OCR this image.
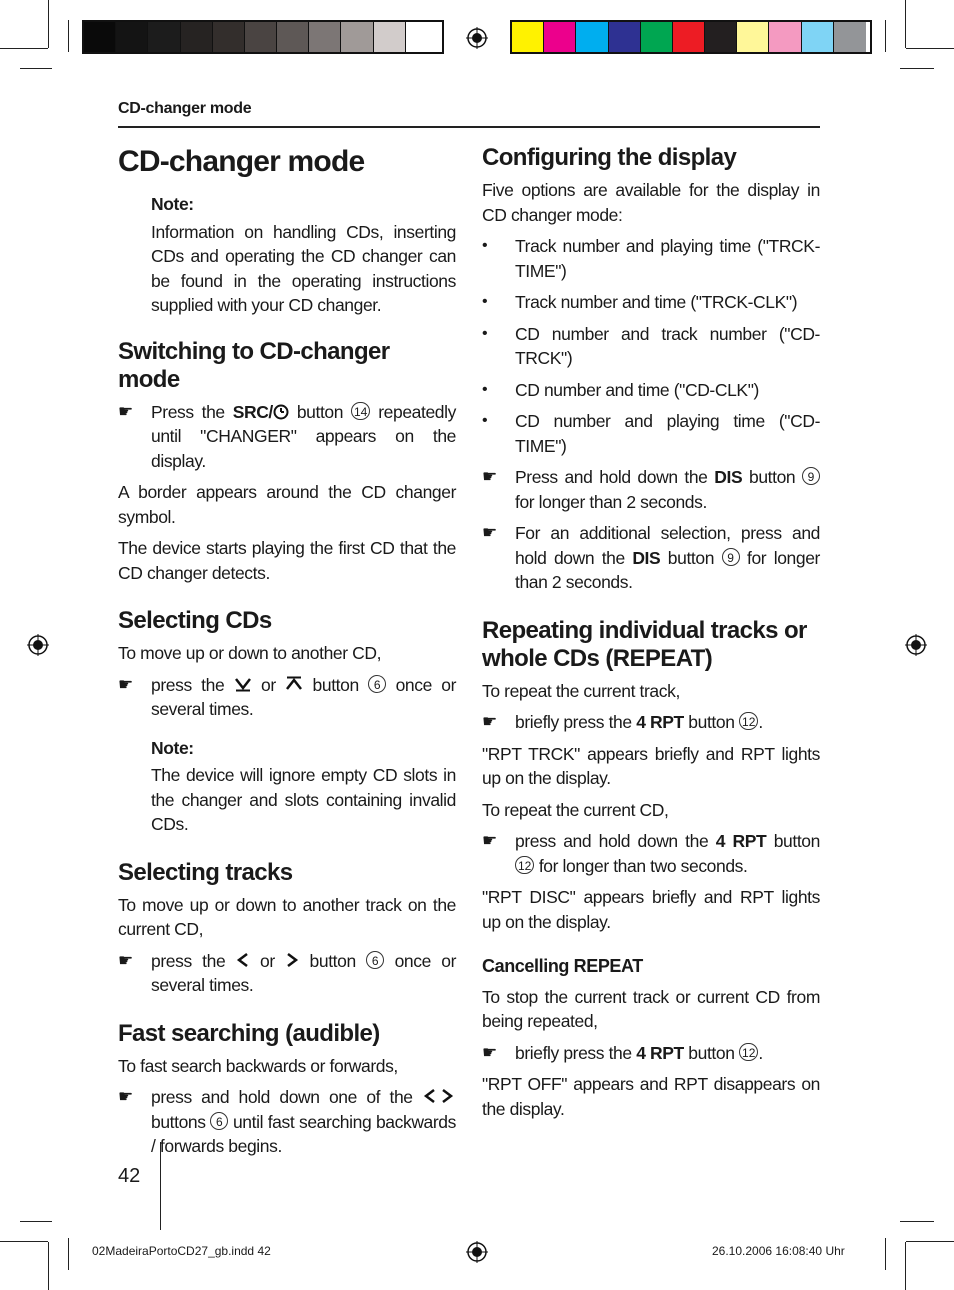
CD-changer mode
CD-changer mode

Note:

Information on handling CDs, inserting CDs and operating the CD changer can be found in the operating instructions supplied with your CD changer.

Switching to CD-changer mode
☛	Press the SRC/ button 14 repeatedly until "CHANGER" appears on the display.

A border appears around the CD changer symbol.

The device starts playing the first CD that the CD changer detects.

Selecting CDs

To move up or down to another CD,

☛	press the or button 6 once or several times.

Note:

The device will ignore empty CD slots in the changer and slots containing invalid CDs.

Selecting tracks

To move up or down to another track on the current CD,

☛	press the or button 6 once or several times.
Fast searching (audible)

To fast search backwards or forwards,

☛	press and hold down one of the  buttons 6 until fast searching backwards / forwards begins.
Configuring the display

Five options are available for the display in CD changer mode:

•	Track number and playing time ("TRCK-TIME")
•	Track number and time ("TRCK-CLK")
•	CD number and track number ("CD-TRCK")
•	CD number and time ("CD-CLK")
•	CD number and playing time ("CD-TIME")
☛	Press and hold down the DIS button 9 for longer than 2 seconds.
☛	For an additional selection, press and hold down the DIS button 9 for longer than 2 seconds.
Repeating individual tracks or whole CDs (REPEAT)

To repeat the current track,

☛	briefly press the 4 RPT button 12 .

"RPT TRCK" appears briefly and RPT lights up on the display.

To repeat the current CD,

☛	press and hold down the 4 RPT button 12 for longer than two seconds.

"RPT DISC" appears briefly and RPT lights up on the display.

Cancelling REPEAT

To stop the current track or current CD from being repeated,

☛	briefly press the 4 RPT button 12 .

"RPT OFF" appears and RPT disappears on the display.

42
02MadeiraPortoCD27_gb.indd 42	26.10.2006 16:08:40 Uhr
